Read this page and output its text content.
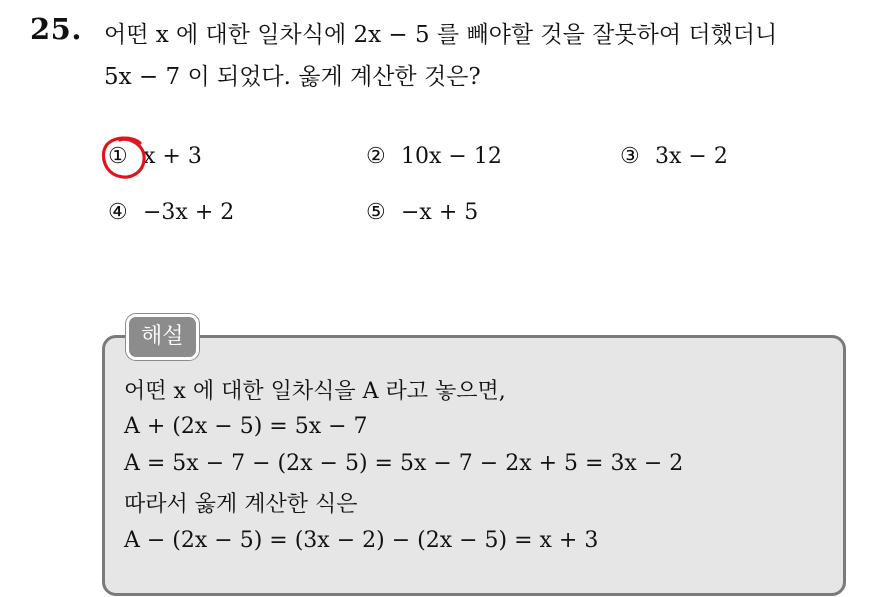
25. 어떤 x 에 대한 일차식에 2x − 5 를 빼야할 것을 잘못하여 더했더니
5x − 7 이 되었다. 옳게 계산한 것은?
① x + 3	② 10x − 12	③ 3x − 2
④ −3x + 2	⑤ −x + 5
해설
어떤 x 에 대한 일차식을 A 라고 놓으면,
A + (2x − 5) = 5x − 7
A = 5x − 7 − (2x − 5) = 5x − 7 − 2x + 5 = 3x − 2
따라서 옳게 계산한 식은
A − (2x − 5) = (3x − 2) − (2x − 5) = x + 3
